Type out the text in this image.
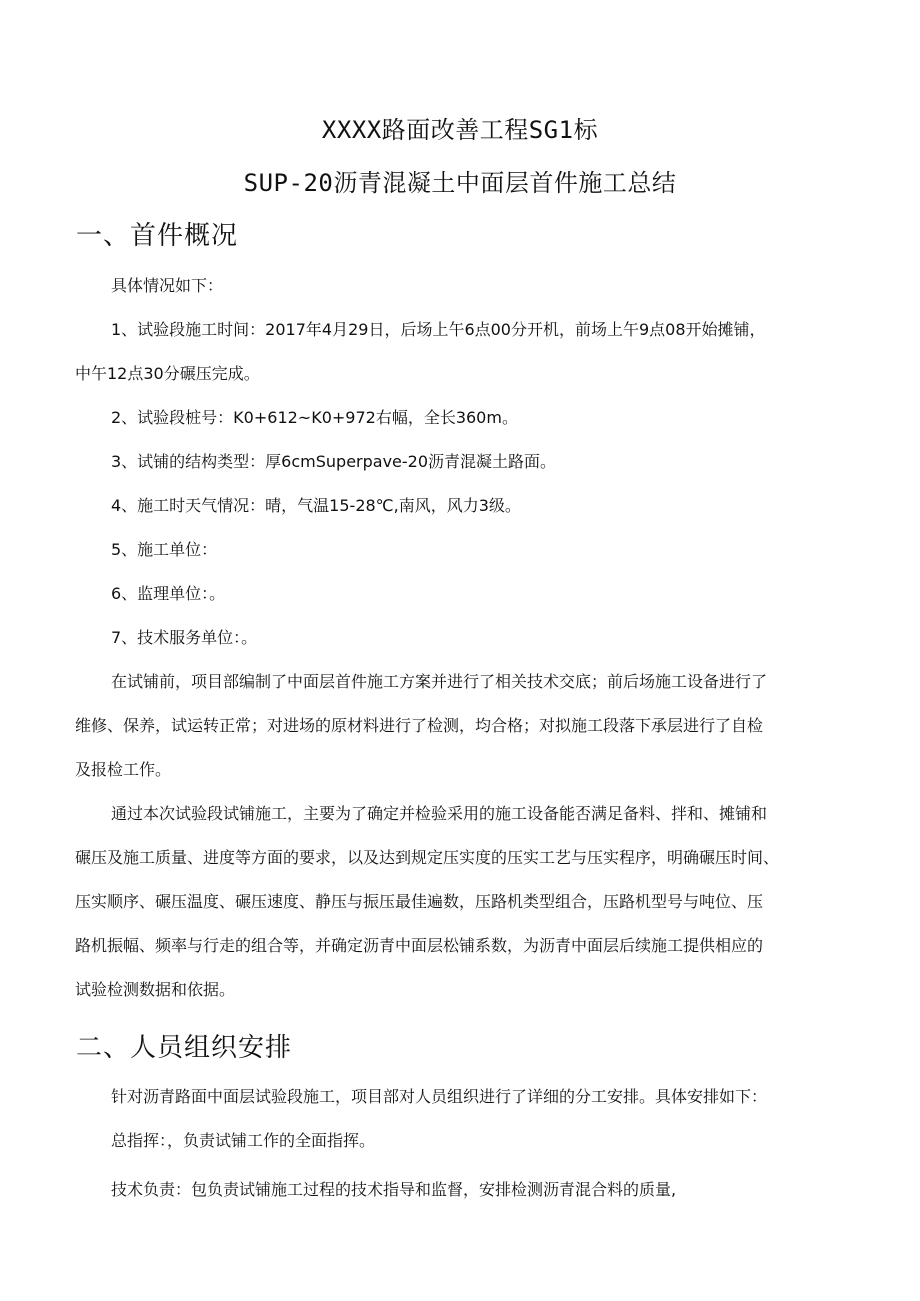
XXXX路面改善工程SG1标
SUP-20沥青混凝土中面层首件施工总结
一、首件概况
具体情况如下：
1、试验段施工时间：2017年4月29日，后场上午6点00分开机，前场上午9点08开始摊铺，
中午12点30分碾压完成。
2、试验段桩号：K0+612~K0+972右幅，全长360m。
3、试铺的结构类型：厚6cmSuperpave-20沥青混凝土路面。
4、施工时天气情况：晴，气温15-28℃,南风，风力3级。
5、施工单位：
6、监理单位：。
7、技术服务单位：。
在试铺前，项目部编制了中面层首件施工方案并进行了相关技术交底；前后场施工设备进行了
维修、保养，试运转正常；对进场的原材料进行了检测，均合格；对拟施工段落下承层进行了自检
及报检工作。
通过本次试验段试铺施工，主要为了确定并检验采用的施工设备能否满足备料、拌和、摊铺和
碾压及施工质量、进度等方面的要求，以及达到规定压实度的压实工艺与压实程序，明确碾压时间、
压实顺序、碾压温度、碾压速度、静压与振压最佳遍数，压路机类型组合，压路机型号与吨位、压
路机振幅、频率与行走的组合等，并确定沥青中面层松铺系数，为沥青中面层后续施工提供相应的
试验检测数据和依据。
二、人员组织安排
针对沥青路面中面层试验段施工，项目部对人员组织进行了详细的分工安排。具体安排如下：
总指挥：，负责试铺工作的全面指挥。
技术负责：包负责试铺施工过程的技术指导和监督，安排检测沥青混合料的质量,
